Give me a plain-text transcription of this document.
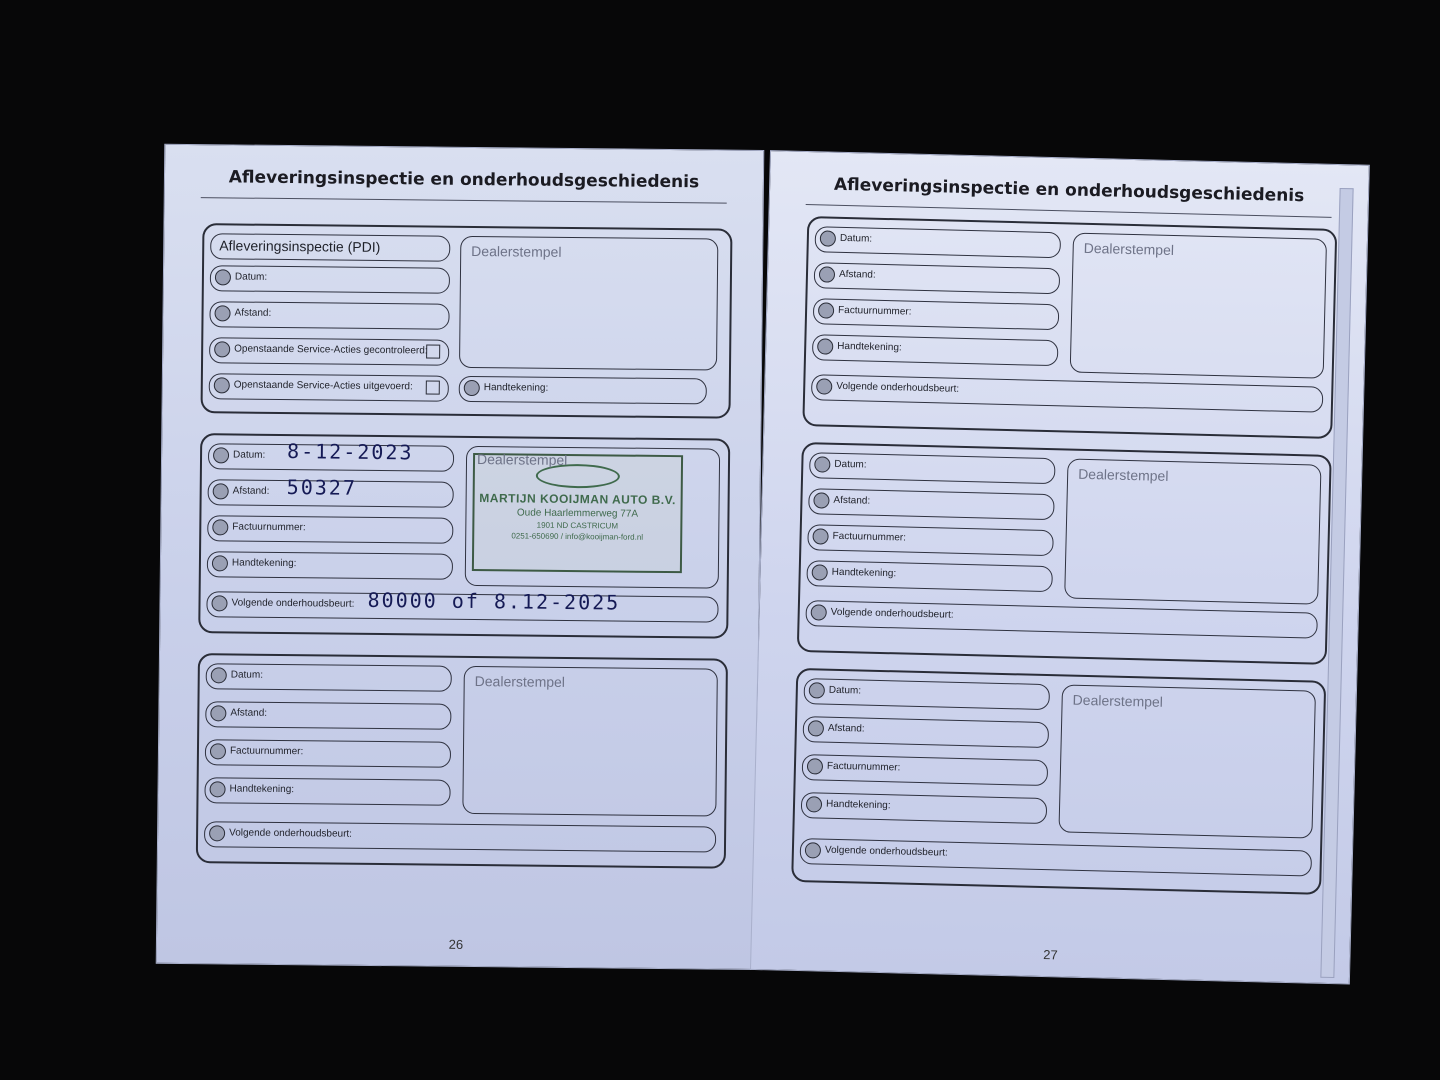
Afleveringsinspectie en onderhoudsgeschiedenis
Afleveringsinspectie (PDI)
Datum:
Afstand:
Openstaande Service-Acties gecontroleerd:
Openstaande Service-Acties uitgevoerd:
Dealerstempel
Handtekening:
Datum: 8-12-2023
Afstand: 50327
Factuurnummer:
Handtekening:
MARTIJN KOOIJMAN AUTO B.V.
Oude Haarlemmerweg 77A
1901 ND CASTRICUM
0251-650690 / info@kooijman-ford.nl
Dealerstempel
Volgende onderhoudsbeurt: 80000 of 8.12-2025
Datum:
Afstand:
Factuurnummer:
Handtekening:
Dealerstempel
Volgende onderhoudsbeurt:
26
Afleveringsinspectie en onderhoudsgeschiedenis
Datum:
Afstand:
Factuurnummer:
Handtekening:
Dealerstempel
Volgende onderhoudsbeurt:
Datum:
Afstand:
Factuurnummer:
Handtekening:
Dealerstempel
Volgende onderhoudsbeurt:
Datum:
Afstand:
Factuurnummer:
Handtekening:
Dealerstempel
Volgende onderhoudsbeurt:
27
